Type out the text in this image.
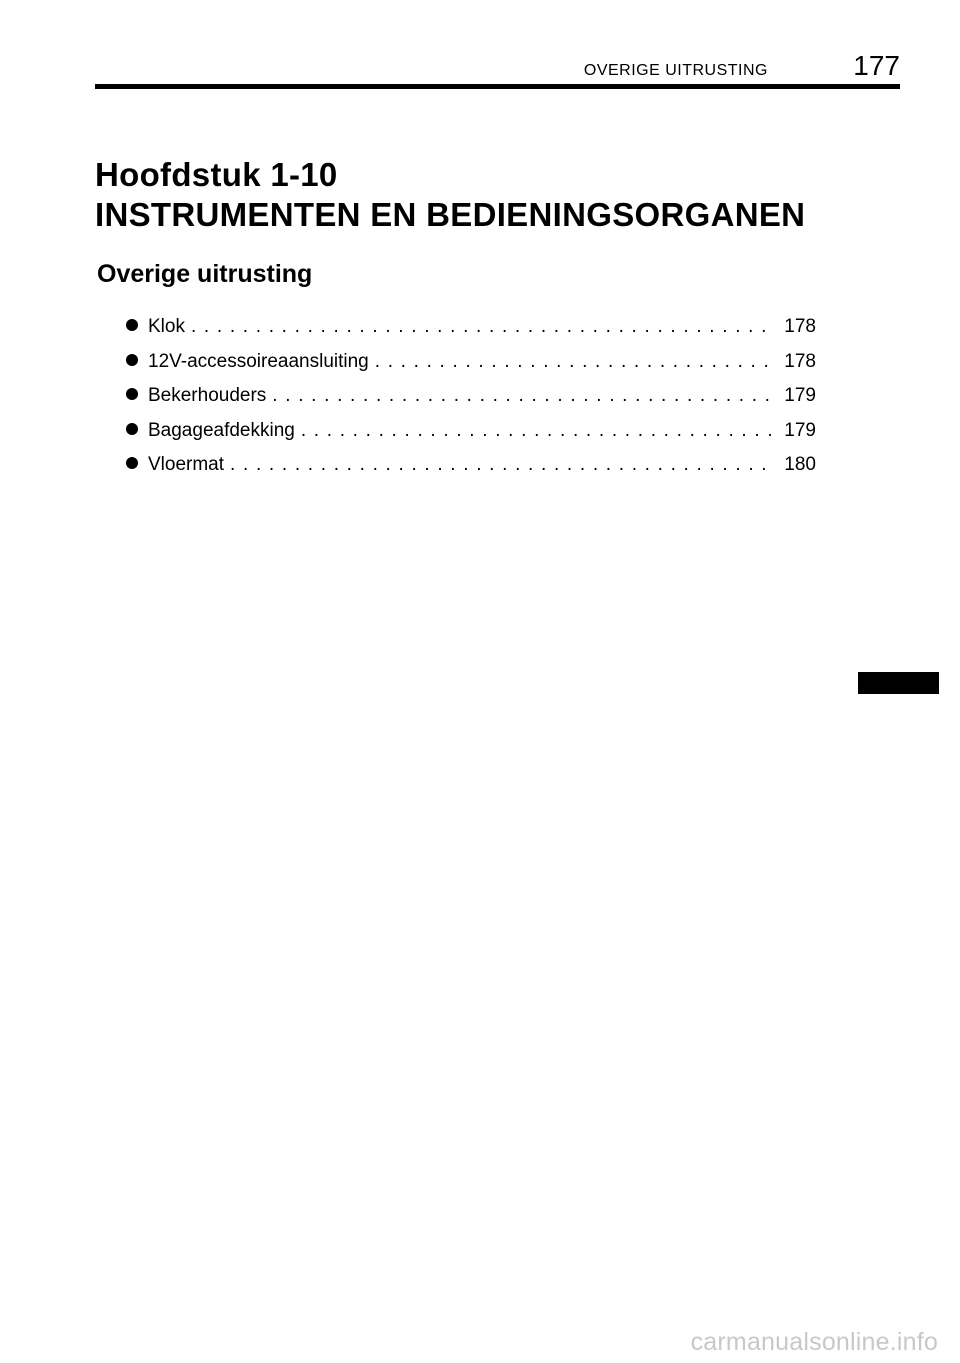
OVERIGE UITRUSTING	177
Hoofdstuk 1-10
INSTRUMENTEN EN BEDIENINGSORGANEN
Overige uitrusting
Klok . . .	178
12V-accessoireaansluiting . . .	178
Bekerhouders . . .	179
Bagageafdekking . . .	179
Vloermat . . .	180
carmanualsonline.info
